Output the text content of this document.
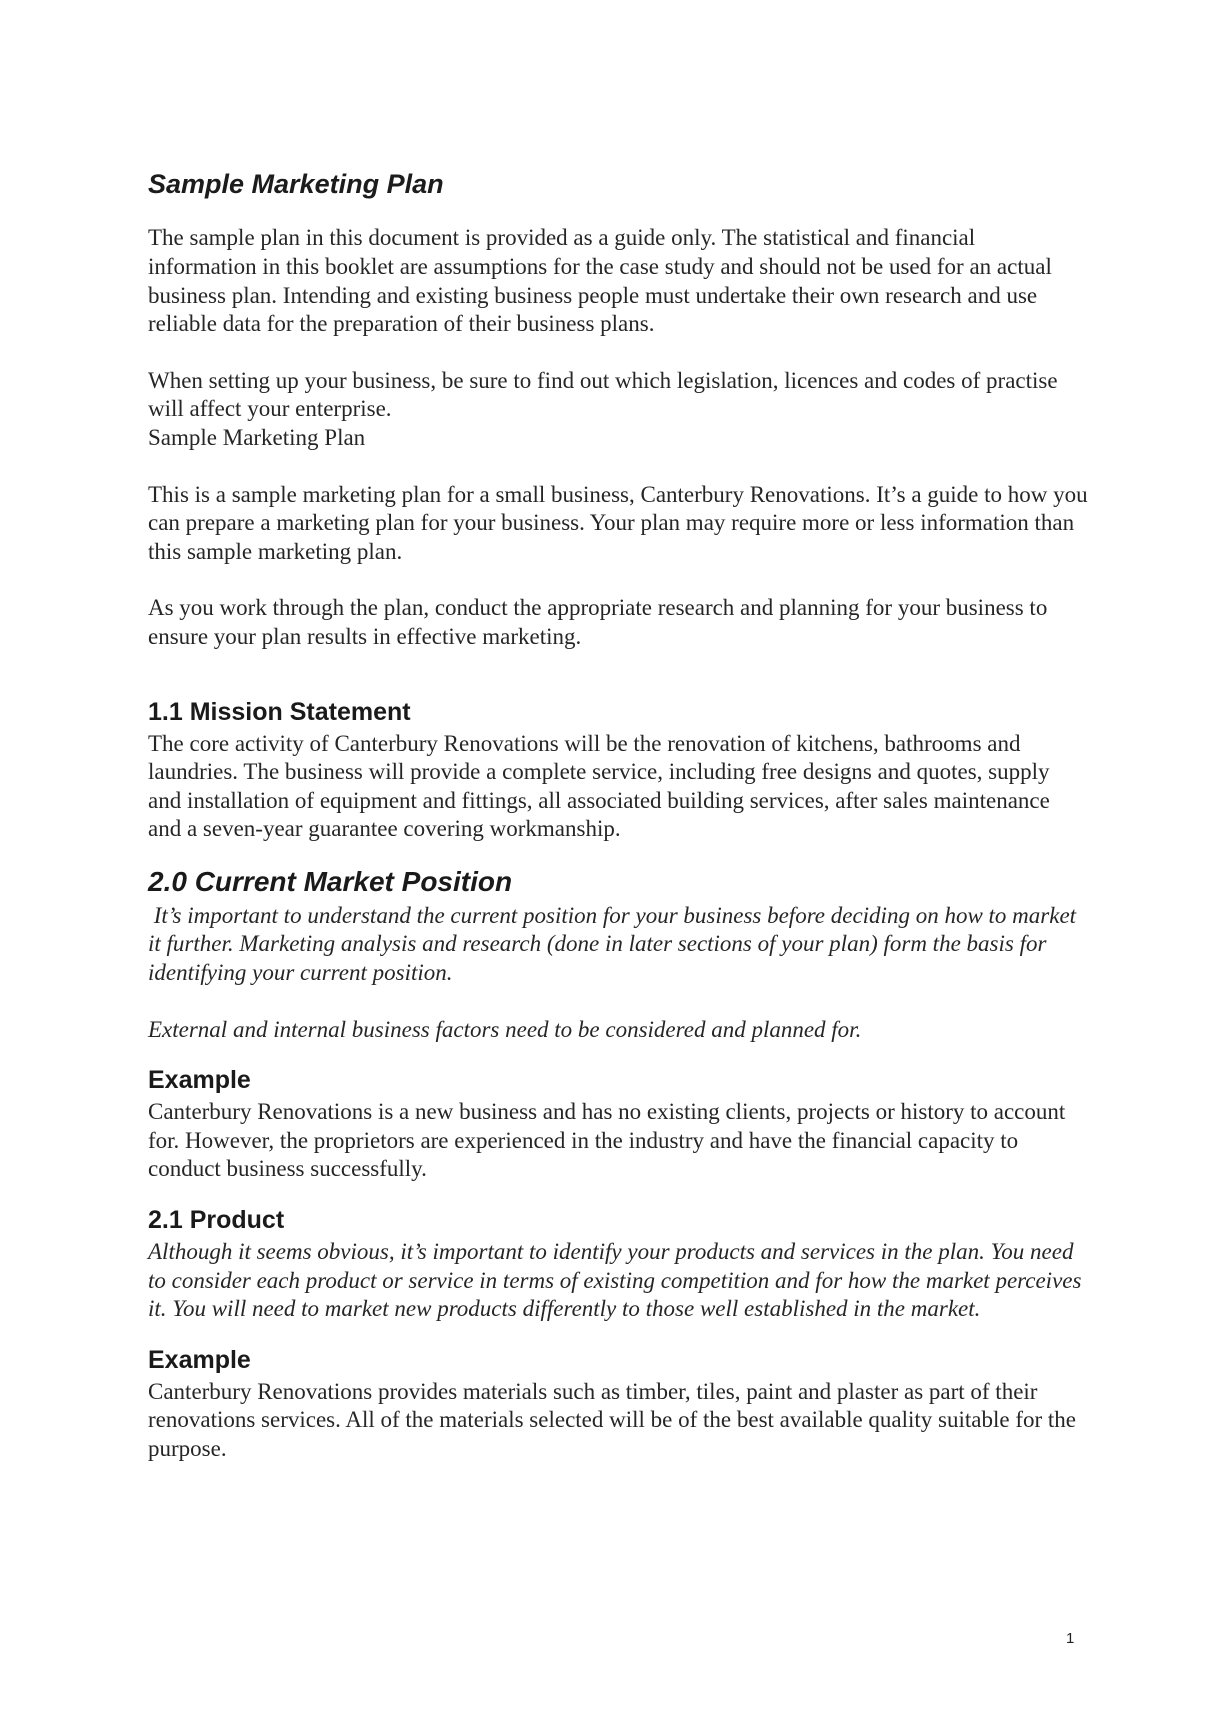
Sample Marketing Plan

The sample plan in this document is provided as a guide only. The statistical and financial information in this booklet are assumptions for the case study and should not be used for an actual business plan. Intending and existing business people must undertake their own research and use reliable data for the preparation of their business plans.

When setting up your business, be sure to find out which legislation, licences and codes of practise will affect your enterprise.

Sample Marketing Plan

This is a sample marketing plan for a small business, Canterbury Renovations. It’s a guide to how you can prepare a marketing plan for your business. Your plan may require more or less information than this sample marketing plan.

As you work through the plan, conduct the appropriate research and planning for your business to ensure your plan results in effective marketing.

1.1 Mission Statement

The core activity of Canterbury Renovations will be the renovation of kitchens, bathrooms and laundries. The business will provide a complete service, including free designs and quotes, supply and installation of equipment and fittings, all associated building services, after sales maintenance and a seven-year guarantee covering workmanship.

2.0 Current Market Position

It’s important to understand the current position for your business before deciding on how to market it further. Marketing analysis and research (done in later sections of your plan) form the basis for identifying your current position.

External and internal business factors need to be considered and planned for.

Example

Canterbury Renovations is a new business and has no existing clients, projects or history to account for. However, the proprietors are experienced in the industry and have the financial capacity to conduct business successfully.

2.1 Product

Although it seems obvious, it’s important to identify your products and services in the plan. You need to consider each product or service in terms of existing competition and for how the market perceives it. You will need to market new products differently to those well established in the market.

Example

Canterbury Renovations provides materials such as timber, tiles, paint and plaster as part of their renovations services. All of the materials selected will be of the best available quality suitable for the purpose.

1
